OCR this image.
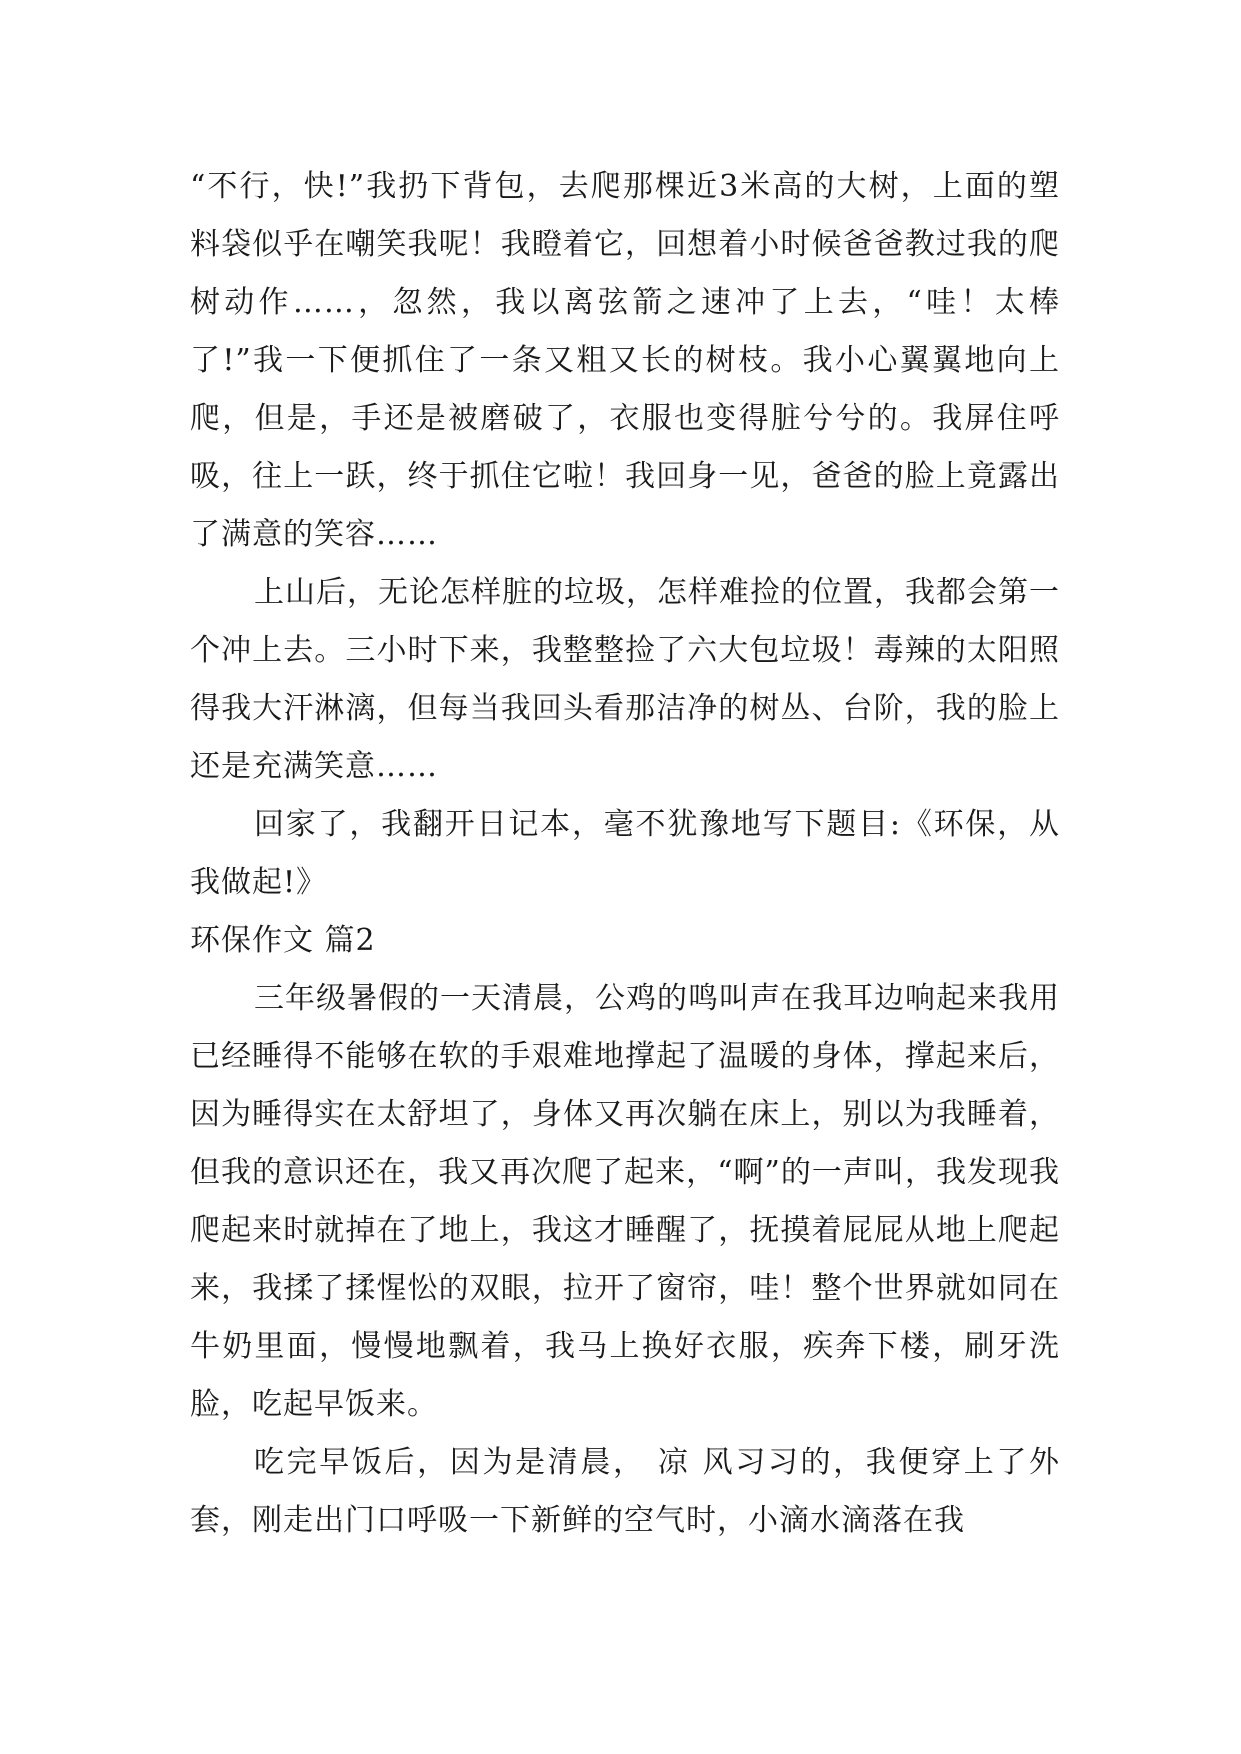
“不行，快!”我扔下背包，去爬那棵近3米高的大树，上面的塑料袋似乎在嘲笑我呢！我瞪着它，回想着小时候爸爸教过我的爬树动作……，忽然，我以离弦箭之速冲了上去，“哇！太棒了!”我一下便抓住了一条又粗又长的树枝。我小心翼翼地向上爬，但是，手还是被磨破了，衣服也变得脏兮兮的。我屏住呼吸，往上一跃，终于抓住它啦！我回身一见，爸爸的脸上竟露出了满意的笑容……

上山后，无论怎样脏的垃圾，怎样难捡的位置，我都会第一个冲上去。三小时下来，我整整捡了六大包垃圾！毒辣的太阳照得我大汗淋漓，但每当我回头看那洁净的树丛、台阶，我的脸上还是充满笑意……

回家了，我翻开日记本，毫不犹豫地写下题目:《环保，从我做起!》

环保作文 篇2

三年级暑假的一天清晨，公鸡的鸣叫声在我耳边响起来我用已经睡得不能够在软的手艰难地撑起了温暖的身体，撑起来后，因为睡得实在太舒坦了，身体又再次躺在床上，别以为我睡着，但我的意识还在，我又再次爬了起来，“啊”的一声叫，我发现我爬起来时就掉在了地上，我这才睡醒了，抚摸着屁屁从地上爬起来，我揉了揉惺忪的双眼，拉开了窗帘，哇！整个世界就如同在牛奶里面，慢慢地飘着，我马上换好衣服，疾奔下楼，刷牙洗脸，吃起早饭来。

吃完早饭后，因为是清晨， 凉 风习习的，我便穿上了外套，刚走出门口呼吸一下新鲜的空气时，小滴水滴落在我
